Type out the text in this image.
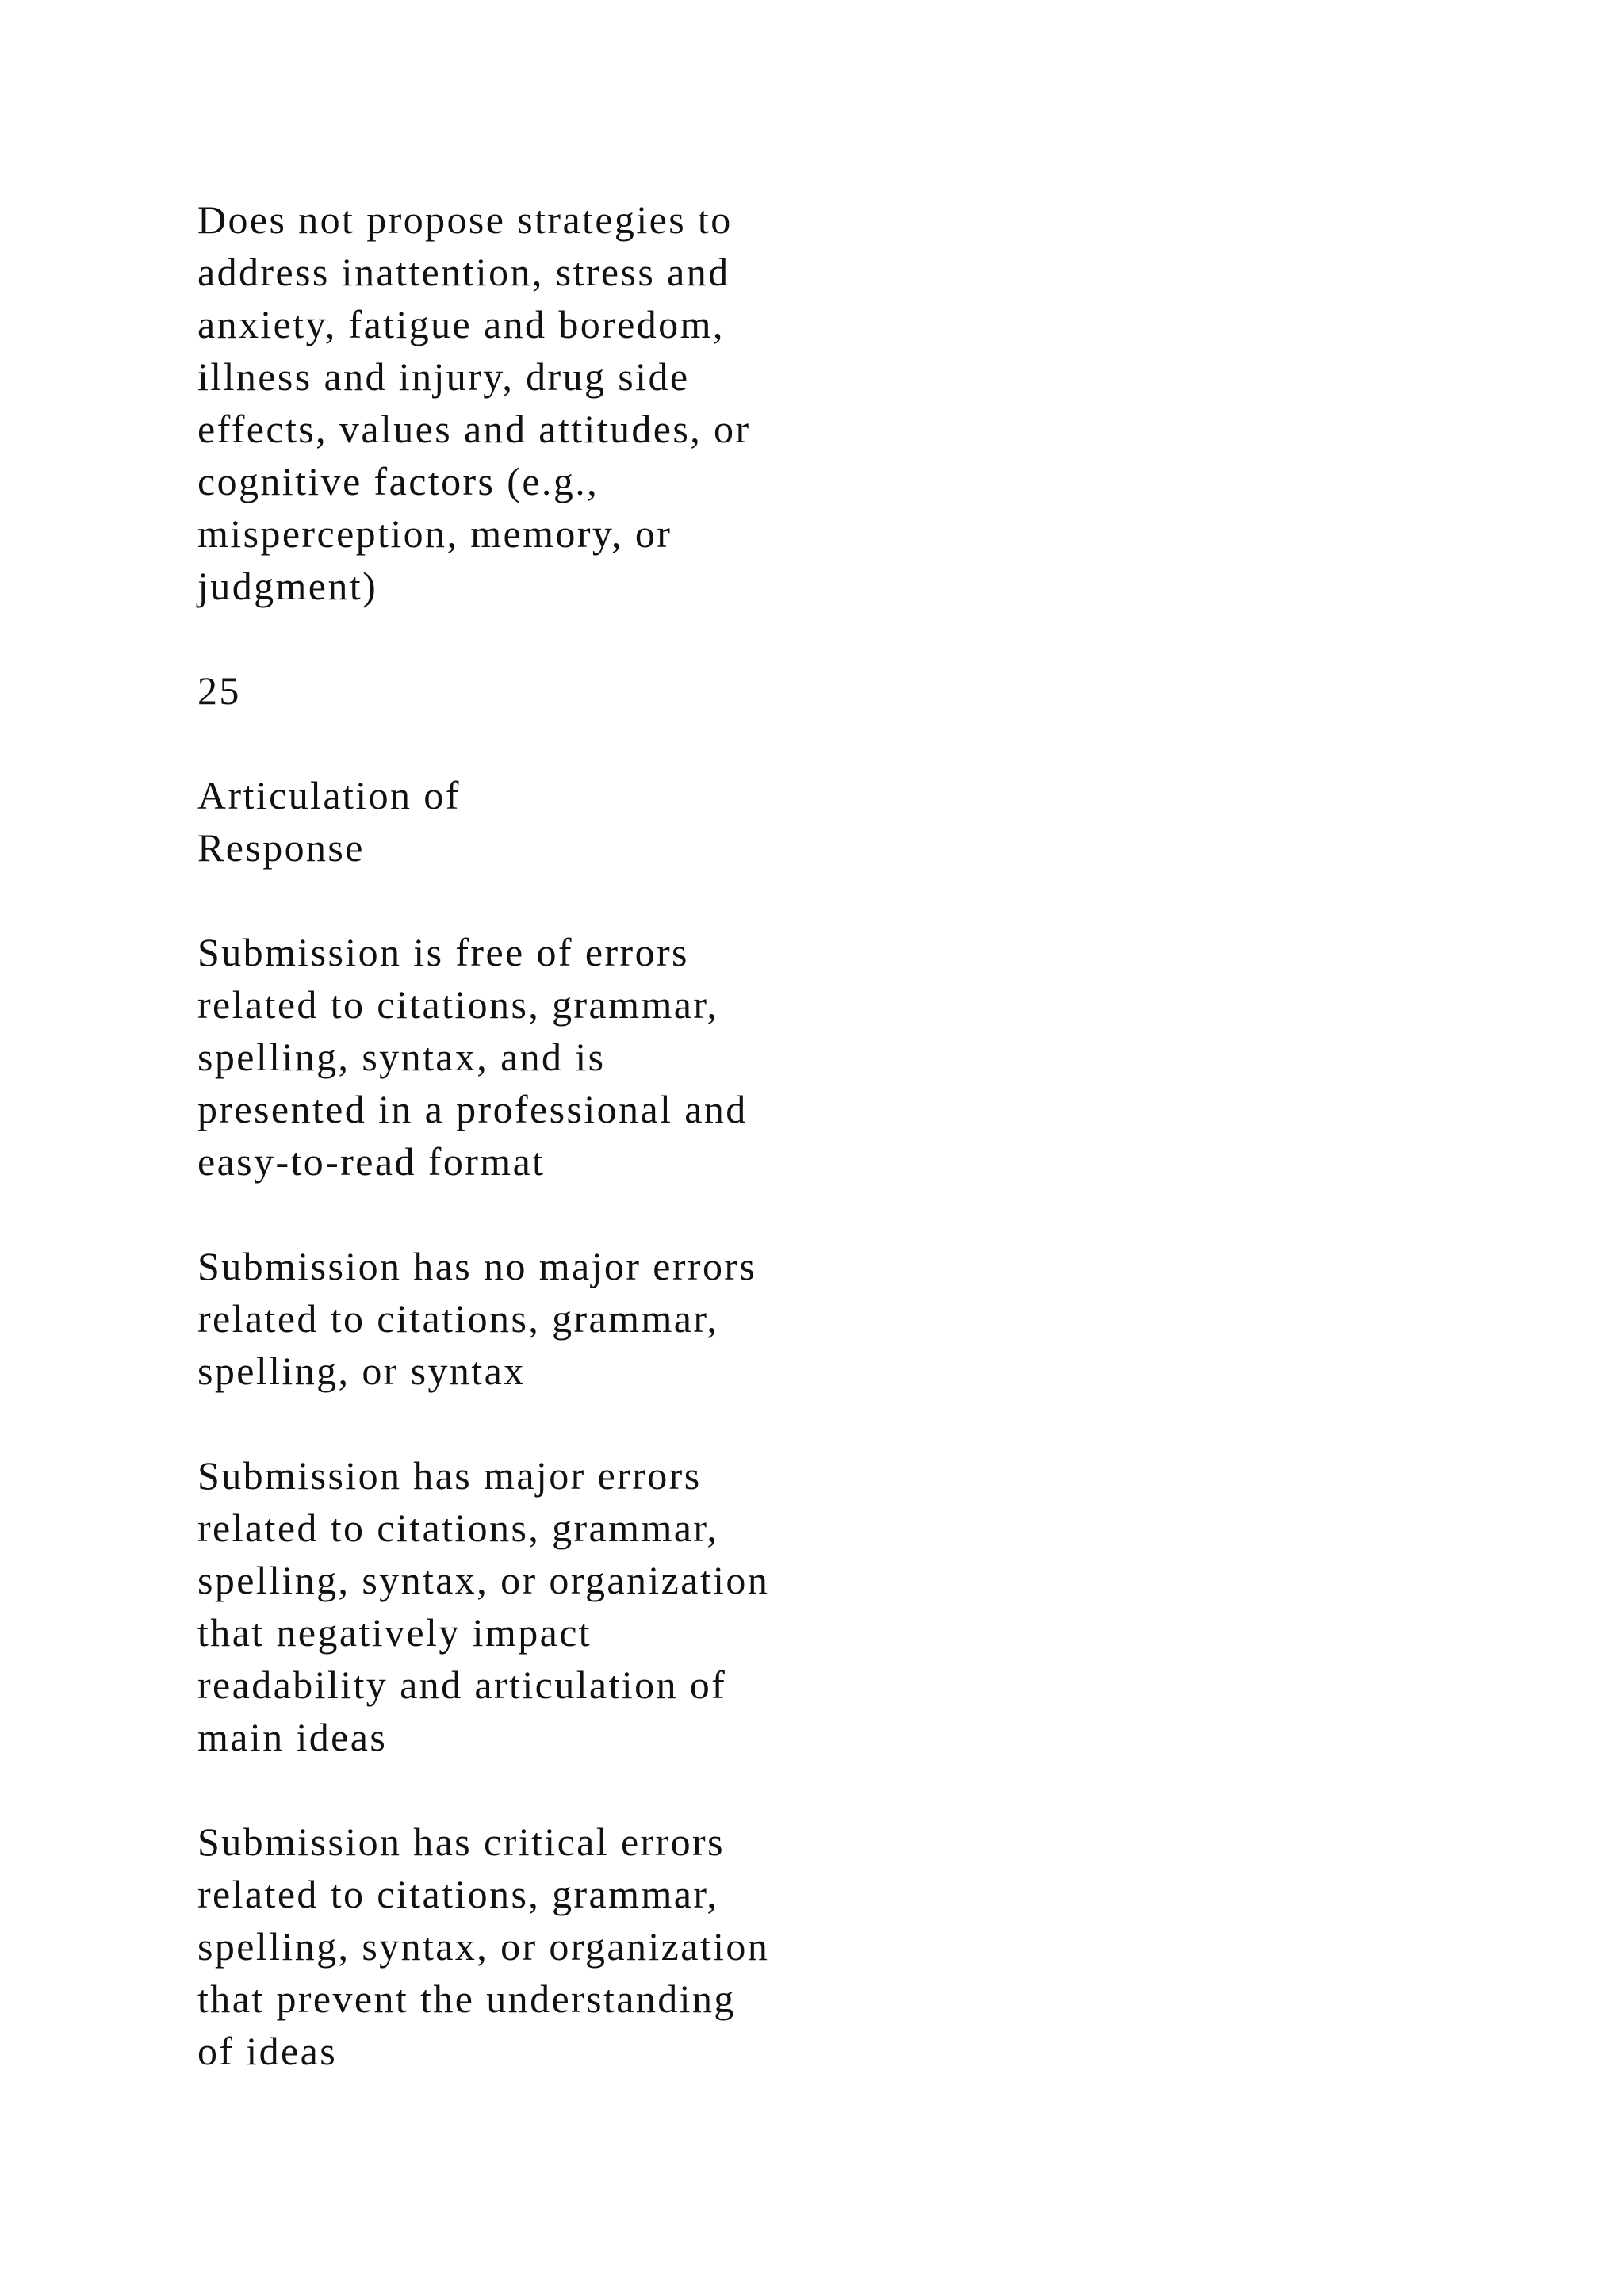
Does not propose strategies to
address inattention, stress and
anxiety, fatigue and boredom,
illness and injury, drug side
effects, values and attitudes, or
cognitive factors (e.g.,
misperception, memory, or
judgment)

25

Articulation of
Response

Submission is free of errors
related to citations, grammar,
spelling, syntax, and is
presented in a professional and
easy-to-read format

Submission has no major errors
related to citations, grammar,
spelling, or syntax

Submission has major errors
related to citations, grammar,
spelling, syntax, or organization
that negatively impact
readability and articulation of
main ideas

Submission has critical errors
related to citations, grammar,
spelling, syntax, or organization
that prevent the understanding
of ideas
